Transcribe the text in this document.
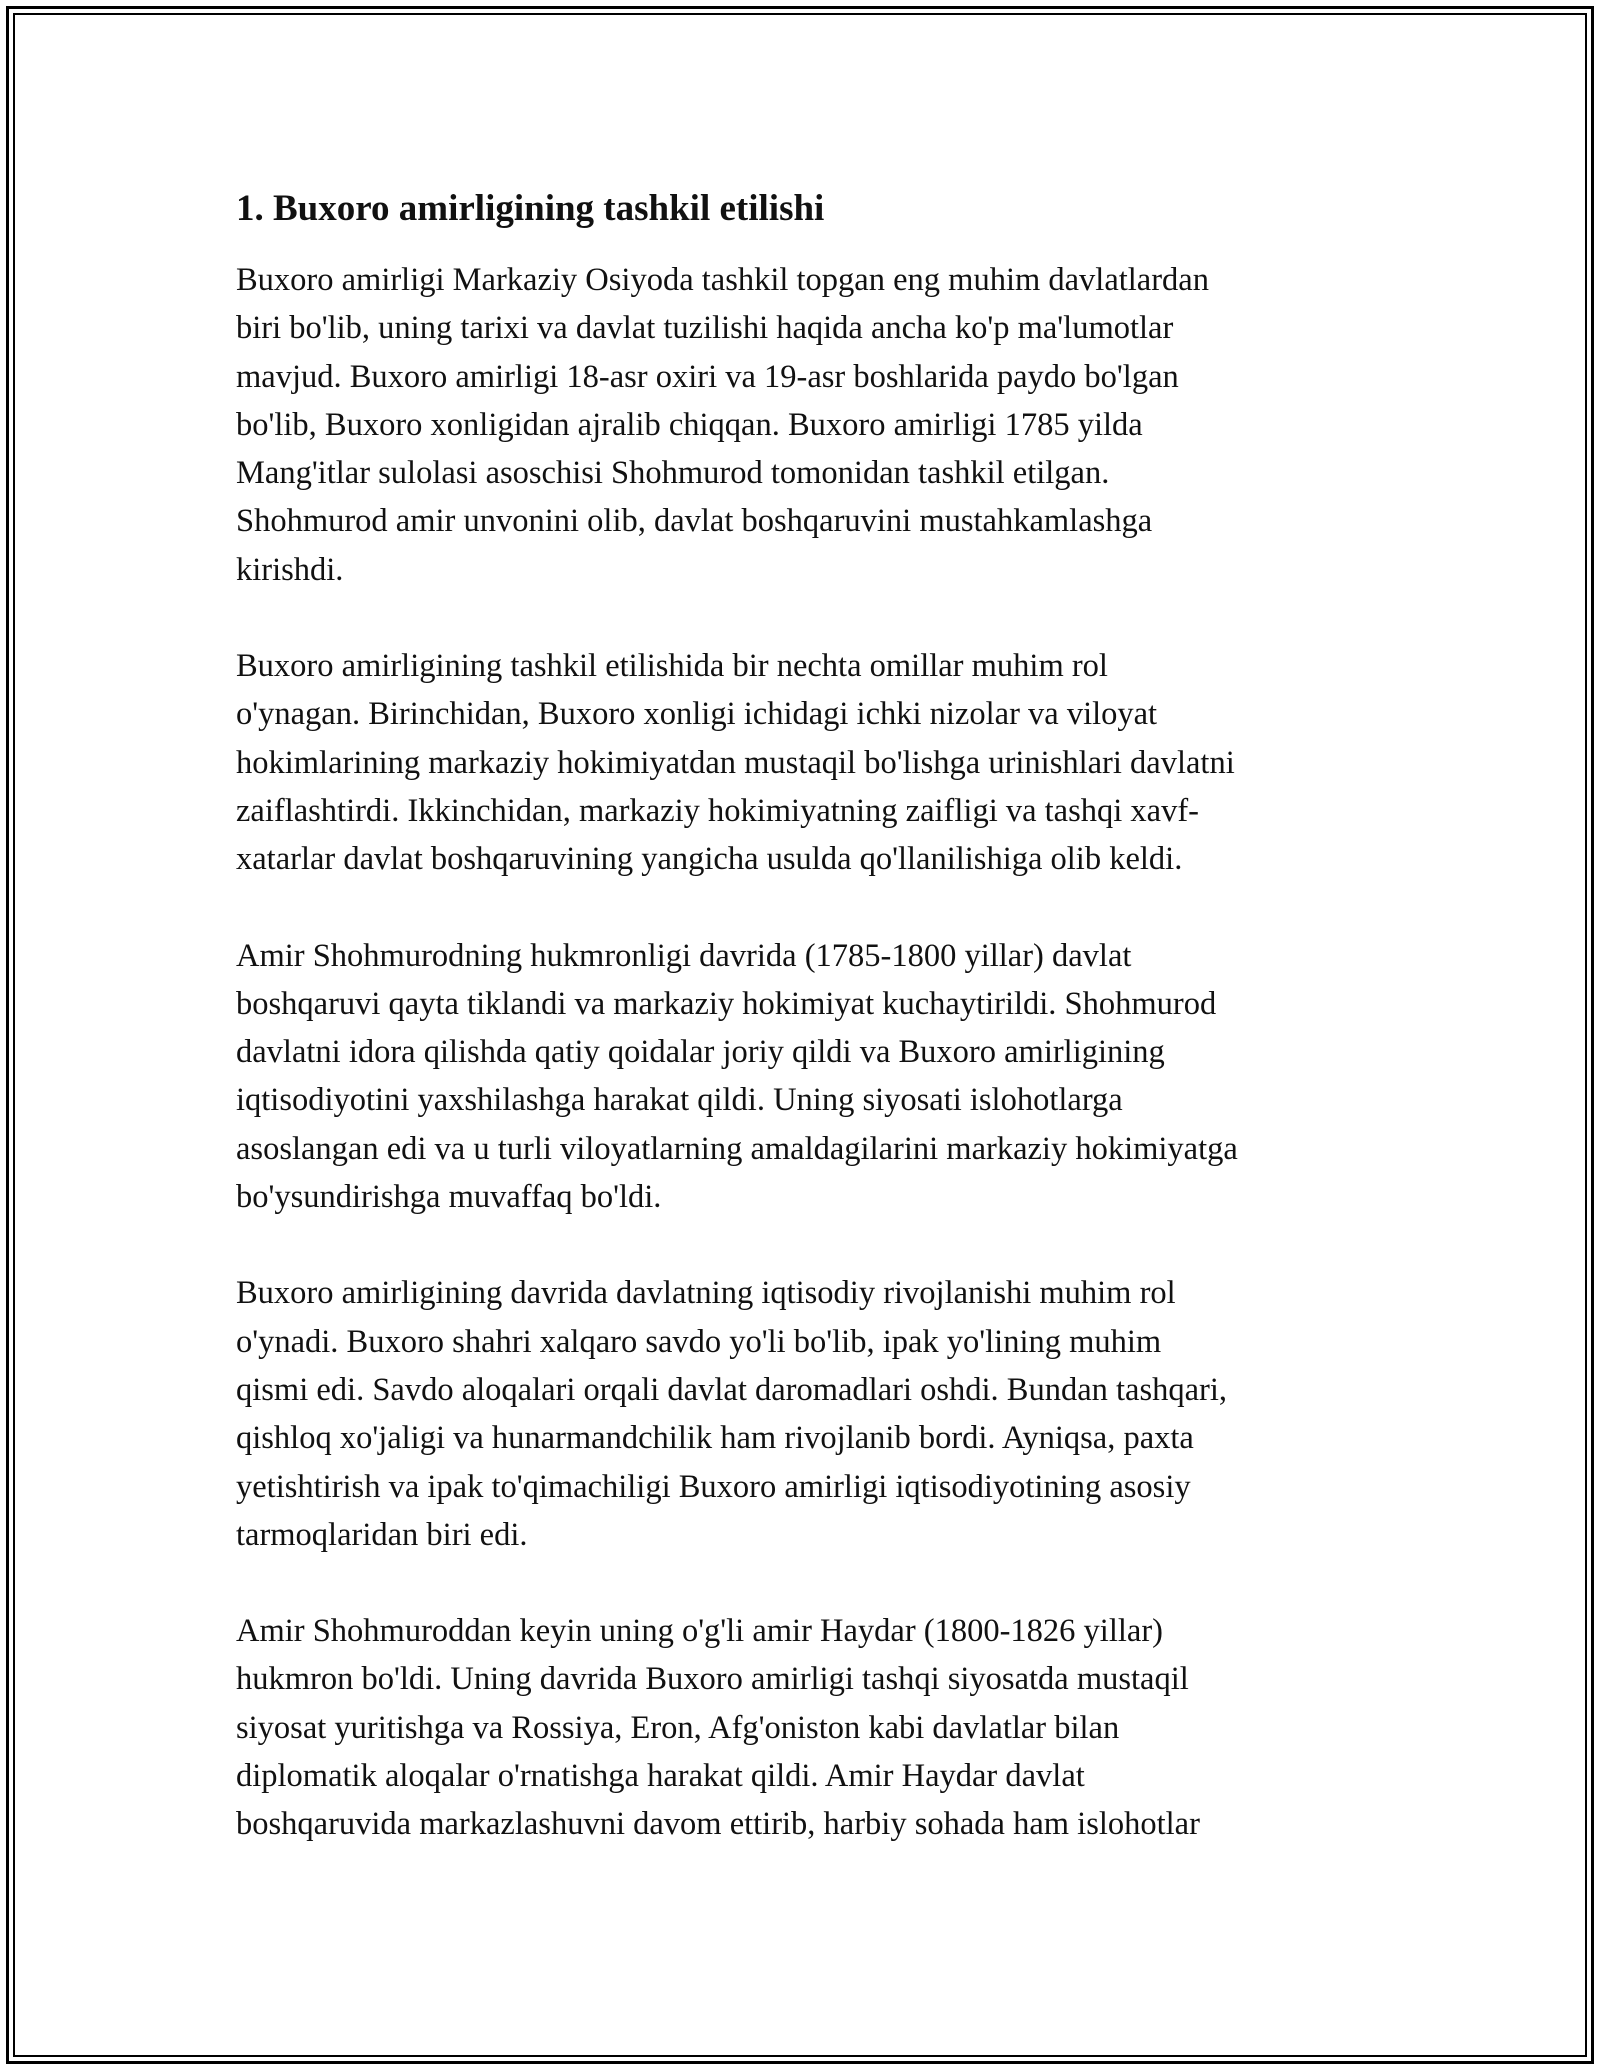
1. Buxoro amirligining tashkil etilishi

Buxoro amirligi Markaziy Osiyoda tashkil topgan eng muhim davlatlardan
biri bo'lib, uning tarixi va davlat tuzilishi haqida ancha ko'p ma'lumotlar
mavjud. Buxoro amirligi 18-asr oxiri va 19-asr boshlarida paydo bo'lgan
bo'lib, Buxoro xonligidan ajralib chiqqan. Buxoro amirligi 1785 yilda
Mang'itlar sulolasi asoschisi Shohmurod tomonidan tashkil etilgan.
Shohmurod amir unvonini olib, davlat boshqaruvini mustahkamlashga
kirishdi.

Buxoro amirligining tashkil etilishida bir nechta omillar muhim rol
o'ynagan. Birinchidan, Buxoro xonligi ichidagi ichki nizolar va viloyat
hokimlarining markaziy hokimiyatdan mustaqil bo'lishga urinishlari davlatni
zaiflashtirdi. Ikkinchidan, markaziy hokimiyatning zaifligi va tashqi xavf-
xatarlar davlat boshqaruvining yangicha usulda qo'llanilishiga olib keldi.

Amir Shohmurodning hukmronligi davrida (1785-1800 yillar) davlat
boshqaruvi qayta tiklandi va markaziy hokimiyat kuchaytirildi. Shohmurod
davlatni idora qilishda qatiy qoidalar joriy qildi va Buxoro amirligining
iqtisodiyotini yaxshilashga harakat qildi. Uning siyosati islohotlarga
asoslangan edi va u turli viloyatlarning amaldagilarini markaziy hokimiyatga
bo'ysundirishga muvaffaq bo'ldi.

Buxoro amirligining davrida davlatning iqtisodiy rivojlanishi muhim rol
o'ynadi. Buxoro shahri xalqaro savdo yo'li bo'lib, ipak yo'lining muhim
qismi edi. Savdo aloqalari orqali davlat daromadlari oshdi. Bundan tashqari,
qishloq xo'jaligi va hunarmandchilik ham rivojlanib bordi. Ayniqsa, paxta
yetishtirish va ipak to'qimachiligi Buxoro amirligi iqtisodiyotining asosiy
tarmoqlaridan biri edi.

Amir Shohmuroddan keyin uning o'g'li amir Haydar (1800-1826 yillar)
hukmron bo'ldi. Uning davrida Buxoro amirligi tashqi siyosatda mustaqil
siyosat yuritishga va Rossiya, Eron, Afg'oniston kabi davlatlar bilan
diplomatik aloqalar o'rnatishga harakat qildi. Amir Haydar davlat
boshqaruvida markazlashuvni davom ettirib, harbiy sohada ham islohotlar
